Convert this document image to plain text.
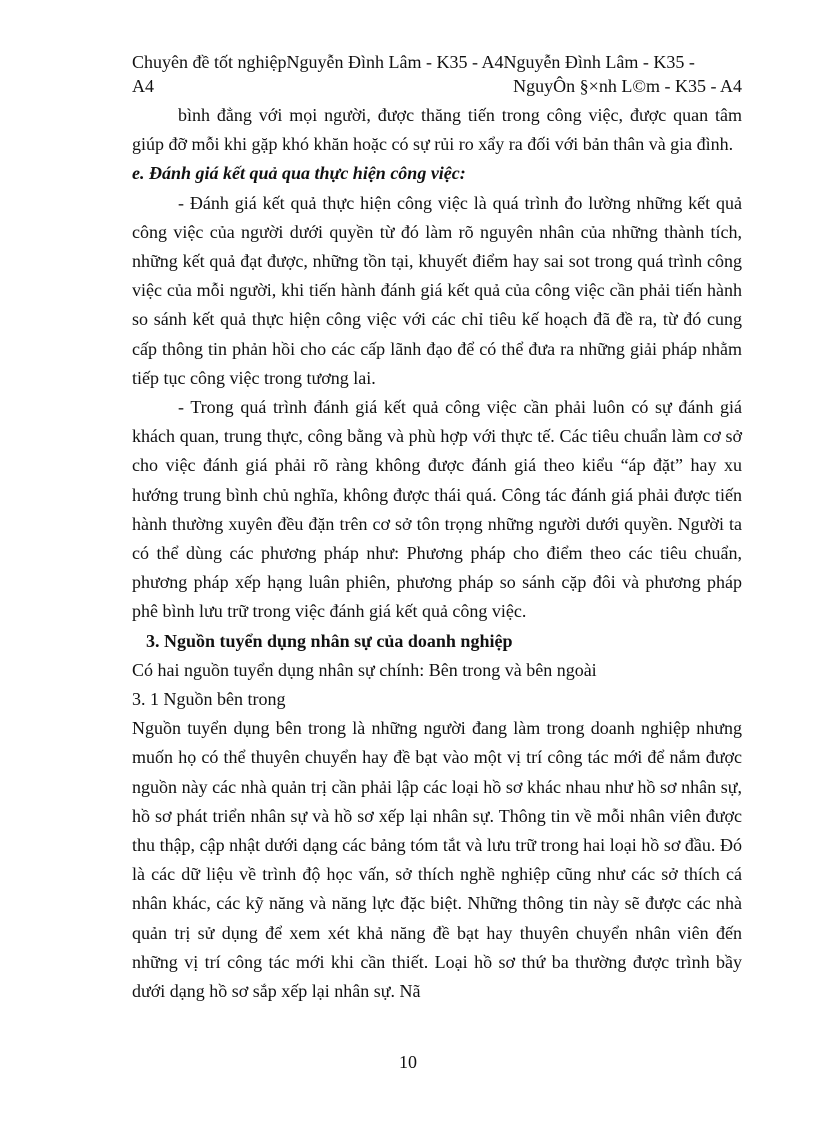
Chuyên đề tốt nghiệpNguyễn Đình Lâm - K35 - A4Nguyễn Đình Lâm - K35 -
A4	NguyÔn §×nh L©m - K35 - A4

bình đẳng với mọi người, được thăng tiến trong công việc, được quan tâm giúp đỡ mỗi khi gặp khó khăn hoặc có sự rủi ro xẩy ra đối với bản thân và gia đình.

e. Đánh giá kết quả qua thực hiện công việc:

- Đánh giá kết quả thực hiện công việc là quá trình đo lường những kết quả công việc của người dưới quyền từ đó làm rõ nguyên nhân của những thành tích, những kết quả đạt được, những tồn tại, khuyết điểm hay sai sot trong quá trình công việc của mỗi người, khi tiến hành đánh giá kết quả của công việc cần phải tiến hành so sánh kết quả thực hiện công việc với các chỉ tiêu kế hoạch đã đề ra, từ đó cung cấp thông tin phản hồi cho các cấp lãnh đạo để có thể đưa ra những giải pháp nhằm tiếp tục công việc trong tương lai.

- Trong quá trình đánh giá kết quả công việc cần phải luôn có sự đánh giá khách quan, trung thực, công bằng và phù hợp với thực tế. Các tiêu chuẩn làm cơ sở cho việc đánh giá phải rõ ràng không được đánh giá theo kiểu “áp đặt” hay xu hướng trung bình chủ nghĩa, không được thái quá. Công tác đánh giá phải được tiến hành thường xuyên đều đặn trên cơ sở tôn trọng những người dưới quyền. Người ta có thể dùng các phương pháp như: Phương pháp cho điểm theo các tiêu chuẩn, phương pháp xếp hạng luân phiên, phương pháp so sánh cặp đôi và phương pháp phê bình lưu trữ trong việc đánh giá kết quả công việc.

3. Nguồn tuyển dụng nhân sự của doanh nghiệp

Có hai nguồn tuyển dụng nhân sự chính: Bên trong và bên ngoài

3. 1 Nguồn bên trong

Nguồn tuyển dụng bên trong là những người đang làm trong doanh nghiệp nhưng muốn họ có thể thuyên chuyển hay đề bạt vào một vị trí công tác mới để nắm được nguồn này các nhà quản trị cần phải lập các loại hồ sơ khác nhau như hồ sơ nhân sự, hồ sơ phát triển nhân sự và hồ sơ xếp lại nhân sự. Thông tin về mỗi nhân viên được thu thập, cập nhật dưới dạng các bảng tóm tắt và lưu trữ trong hai loại hồ sơ đầu. Đó là các dữ liệu về trình độ học vấn, sở thích nghề nghiệp cũng như các sở thích cá nhân khác, các kỹ năng và năng lực đặc biệt. Những thông tin này sẽ được các nhà quản trị sử dụng để xem xét khả năng đề bạt hay thuyên chuyển nhân viên đến những vị trí công tác mới khi cần thiết. Loại hồ sơ thứ ba thường được trình bầy dưới dạng hồ sơ sắp xếp lại nhân sự. Nã

10
